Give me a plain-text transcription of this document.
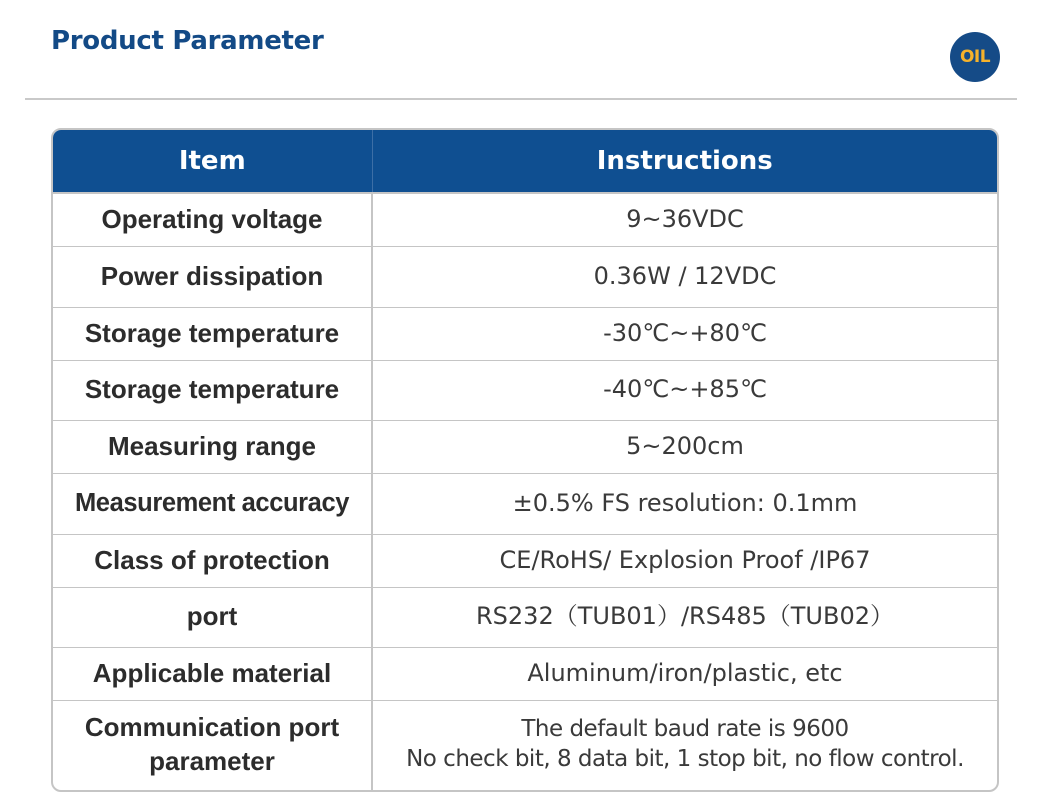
Product Parameter
OIL
Item	Instructions
Operating voltage	9~36VDC
Power dissipation	0.36W / 12VDC
Storage temperature	-30℃~+80℃
Storage temperature	-40℃~+85℃
Measuring range	5~200cm
Measurement accuracy	±0.5% FS resolution: 0.1mm
Class of protection	CE/RoHS/ Explosion Proof /IP67
port	RS232（TUB01）/RS485（TUB02）
Applicable material	Aluminum/iron/plastic, etc

Communication port
parameter	The default baud rate is 9600
No check bit, 8 data bit, 1 stop bit, no flow control.
